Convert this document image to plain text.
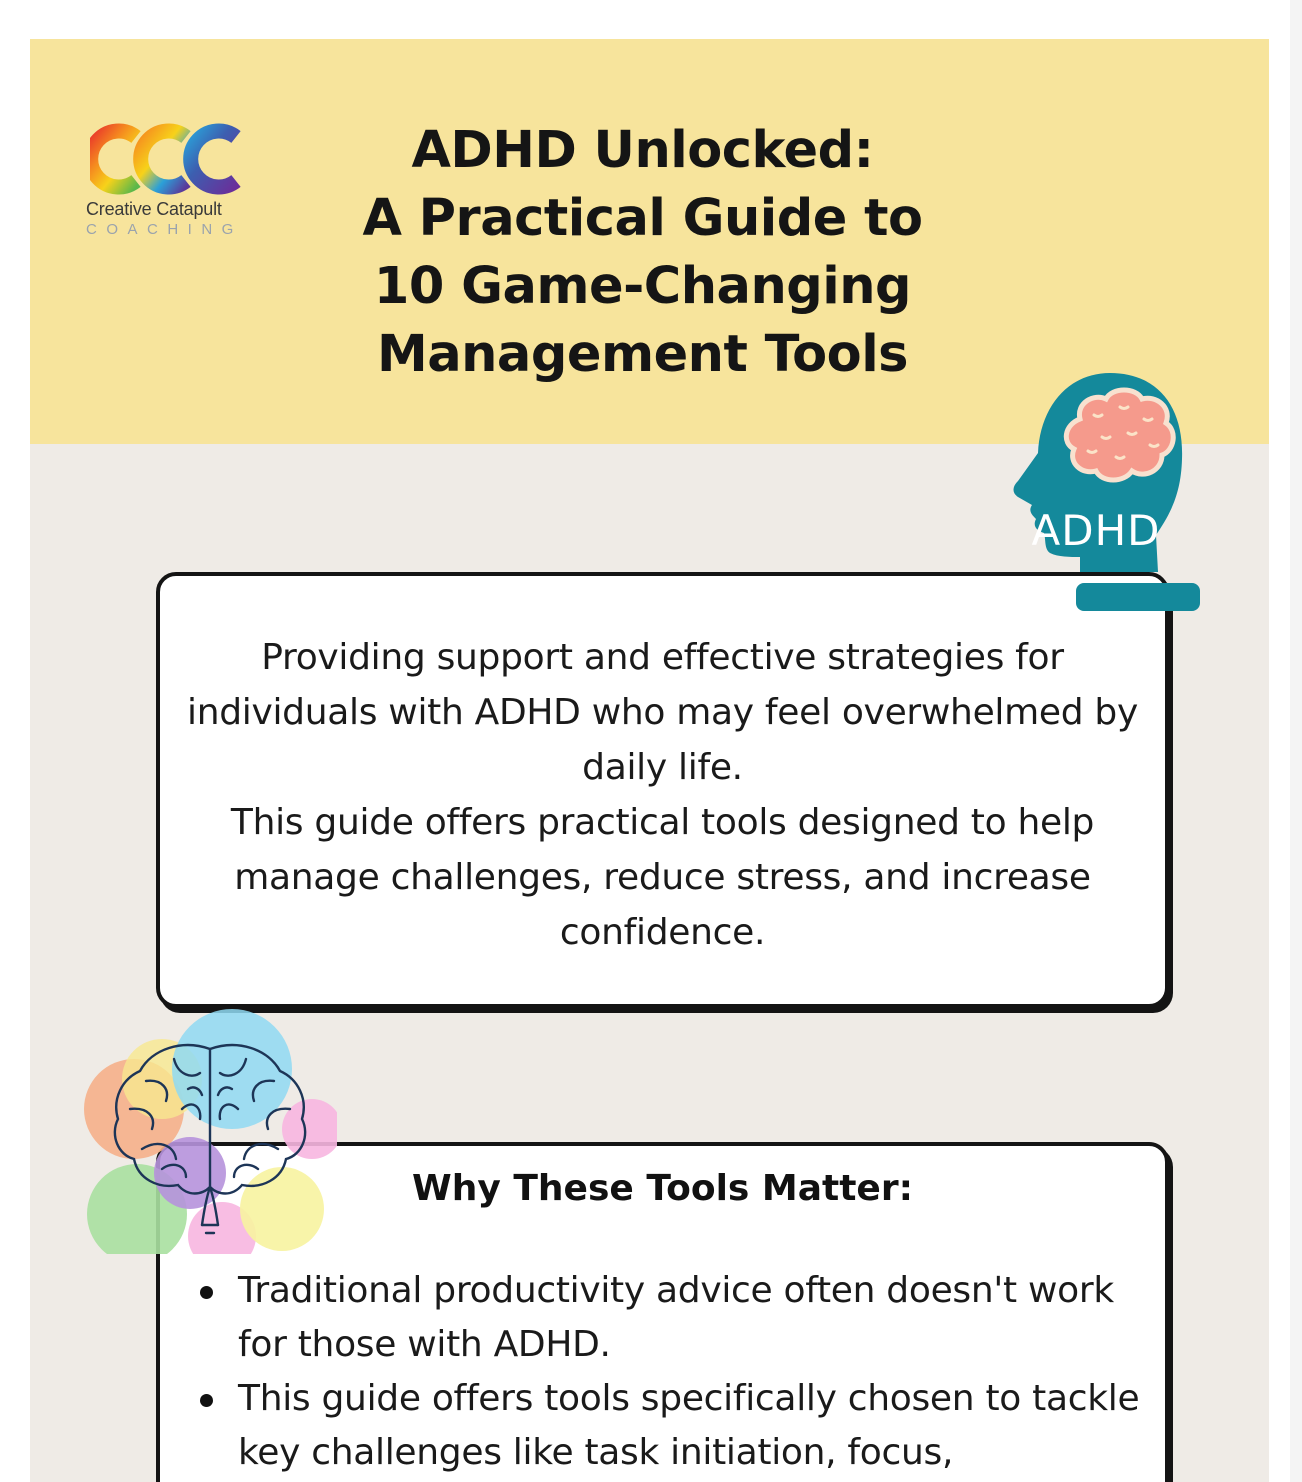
Creative Catapult
COACHING
ADHD Unlocked:
A Practical Guide to
10 Game-Changing
Management Tools

Providing support and effective strategies for individuals with ADHD who may feel overwhelmed by daily life.

This guide offers practical tools designed to help manage challenges, reduce stress, and increase confidence.

ADHD
Why These Tools Matter:
Traditional productivity advice often doesn't work for those with ADHD.
This guide offers tools specifically chosen to tackle key challenges like task initiation, focus,
